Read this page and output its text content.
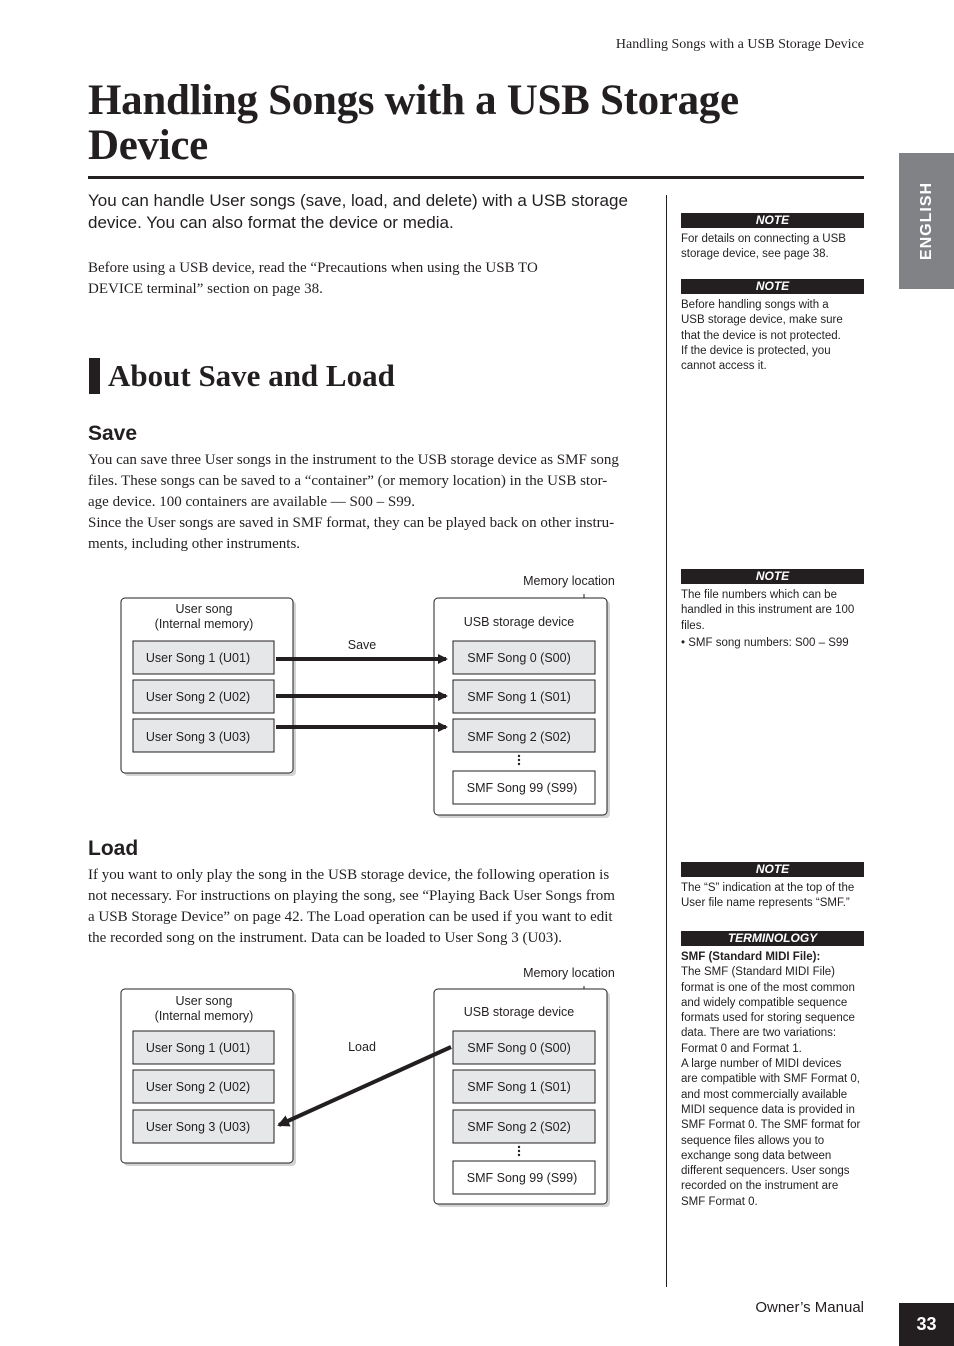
Handling Songs with a USB Storage Device
Handling Songs with a USB Storage
Device
You can handle User songs (save, load, and delete) with a USB storage device. You can also format the device or media.
Before using a USB device, read the “Precautions when using the USB TO
DEVICE terminal” section on page 38.
About Save and Load
Save
You can save three User songs in the instrument to the USB storage device as SMF song
files. These songs can be saved to a “container” (or memory location) in the USB stor-
age device. 100 containers are available — S00 – S99.
Since the User songs are saved in SMF format, they can be played back on other instru-
ments, including other instruments.
Memory location
User song
(Internal memory)
User Song 1 (U01)
User Song 2 (U02)
User Song 3 (U03)
USB storage device
SMF Song 0 (S00)
SMF Song 1 (S01)
SMF Song 2 (S02)
SMF Song 99 (S99)
Save
Load
If you want to only play the song in the USB storage device, the following operation is
not necessary. For instructions on playing the song, see “Playing Back User Songs from
a USB Storage Device” on page 42. The Load operation can be used if you want to edit
the recorded song on the instrument. Data can be loaded to User Song 3 (U03).
Memory location
User song
(Internal memory)
User Song 1 (U01)
User Song 2 (U02)
User Song 3 (U03)
USB storage device
SMF Song 0 (S00)
SMF Song 1 (S01)
SMF Song 2 (S02)
SMF Song 99 (S99)
Load
ENGLISH
NOTE
For details on connecting a USB
storage device, see page 38.
NOTE
Before handling songs with a
USB storage device, make sure
that the device is not protected.
If the device is protected, you
cannot access it.
NOTE
The file numbers which can be
handled in this instrument are 100
files.
• SMF song numbers: S00 – S99
NOTE
The “S” indication at the top of the
User file name represents “SMF.”
TERMINOLOGY
SMF (Standard MIDI File):
The SMF (Standard MIDI File)
format is one of the most common
and widely compatible sequence
formats used for storing sequence
data. There are two variations:
Format 0 and Format 1.
A large number of MIDI devices
are compatible with SMF Format 0,
and most commercially available
MIDI sequence data is provided in
SMF Format 0. The SMF format for
sequence files allows you to
exchange song data between
different sequencers. User songs
recorded on the instrument are
SMF Format 0.
Owner’s Manual
33
